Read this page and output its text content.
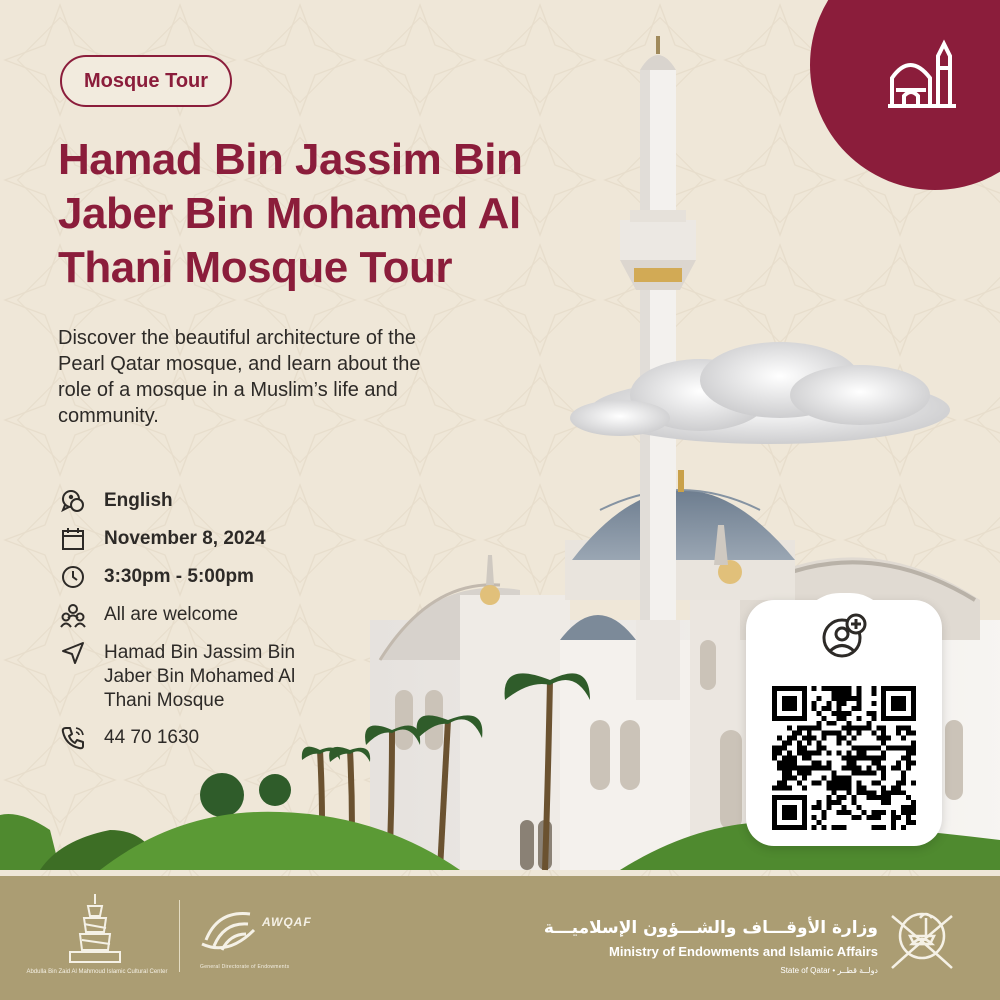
Mosque Tour
Hamad Bin Jassim Bin Jaber Bin Mohamed Al Thani Mosque Tour

Discover the beautiful architecture of the Pearl Qatar mosque, and learn about the role of a mosque in a Muslim’s life and community.

English
November 8, 2024
3:30pm - 5:00pm
All are welcome
Hamad Bin Jassim Bin Jaber Bin Mohamed Al Thani Mosque
44 70 1630
Abdulla Bin Zaid Al Mahmoud Islamic Cultural Center
AWQAF
General Directorate of Endowments
وزارة الأوقـــاف والشـــؤون الإسلاميـــة
Ministry of Endowments and Islamic Affairs
State of Qatar • دولــة قطــر
